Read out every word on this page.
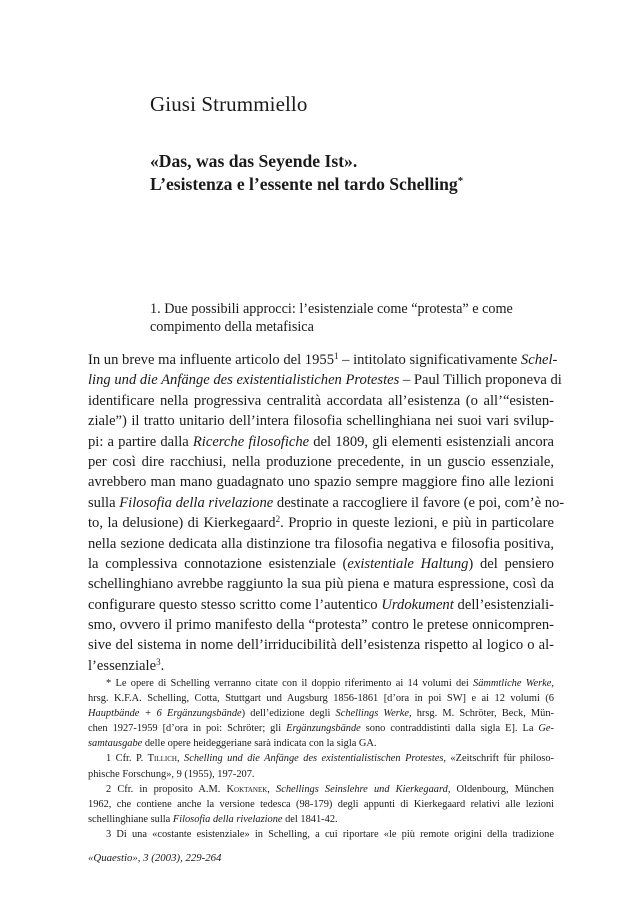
Giusi Strummiello
«Das, was das Seyende Ist».
L’esistenza e l’essente nel tardo Schelling*
1. Due possibili approcci: l’esistenziale come “protesta” e come
compimento della metafisica
In un breve ma influente articolo del 1955$^1$ – intitolato significativamente Schel-
ling und die Anfänge des existentialistichen Protestes – Paul Tillich proponeva di
identificare nella progressiva centralità accordata all’esistenza (o all’“esisten-
ziale”) il tratto unitario dell’intera filosofia schellinghiana nei suoi vari svilup-
pi: a partire dalla Ricerche filosofiche del 1809, gli elementi esistenziali ancora
per così dire racchiusi, nella produzione precedente, in un guscio essenziale,
avrebbero man mano guadagnato uno spazio sempre maggiore fino alle lezioni
sulla Filosofia della rivelazione destinate a raccogliere il favore (e poi, com’è no-
to, la delusione) di Kierkegaard$^2$. Proprio in queste lezioni, e più in particolare
nella sezione dedicata alla distinzione tra filosofia negativa e filosofia positiva,
la complessiva connotazione esistenziale (existentiale Haltung) del pensiero
schellinghiano avrebbe raggiunto la sua più piena e matura espressione, così da
configurare questo stesso scritto come l’autentico Urdokument dell’esistenziali-
smo, ovvero il primo manifesto della “protesta” contro le pretese onnicompren-
sive del sistema in nome dell’irriducibilità dell’esistenza rispetto al logico o al-
l’essenziale$^3$.
* Le opere di Schelling verranno citate con il doppio riferimento ai 14 volumi dei Sämmtliche Werke,
hrsg. K.F.A. Schelling, Cotta, Stuttgart und Augsburg 1856-1861 [d’ora in poi SW] e ai 12 volumi (6
Hauptbände + 6 Ergänzungsbände) dell’edizione degli Schellings Werke, hrsg. M. Schröter, Beck, Mün-
chen 1927-1959 [d’ora in poi: Schröter; gli Ergänzungsbände sono contraddistinti dalla sigla E]. La Ge-
samtausgabe delle opere heideggeriane sarà indicata con la sigla GA.
1 Cfr. P. Tillich, Schelling und die Anfänge des existentialistischen Protestes, «Zeitschrift für philoso-
phische Forschung», 9 (1955), 197-207.
2 Cfr. in proposito A.M. Koktanek, Schellings Seinslehre und Kierkegaard, Oldenbourg, München
1962, che contiene anche la versione tedesca (98-179) degli appunti di Kierkegaard relativi alle lezioni
schellinghiane sulla Filosofia della rivelazione del 1841-42.
3 Di una «costante esistenziale» in Schelling, a cui riportare «le più remote origini della tradizione
«Quaestio», 3 (2003), 229-264
